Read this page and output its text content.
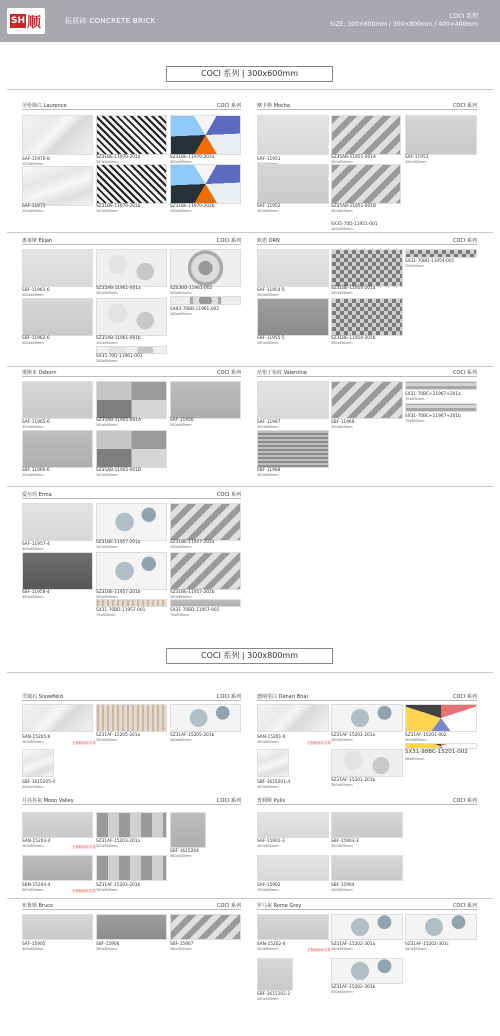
SH 顺	拓质砖 CONCRETE BRICK
COCI 系列
SIZE: 300×600mm / 300×800mm / 400×400mm
COCI 系列 | 300x600mm
劳伦斯白 Laurence	COCI 系列
SAF-11970-8
300x600mm
SZ31BE-11970-201a
300x600mm
SZ31BE-11970-202a
300x600mm
SAF-11971
300x600mm
SZ31BE-11970-201b
300x600mm
SZ31BE-11970-202b
300x600mm
摩卡斯 Mocha	COCI 系列
SAF-11951	SZ35AB-11951-001A
300x600mm
SAF-11953
300x600mm
SAF-11952
300x600mm
SZ35AB-11951-001B
300x600mm
SX35-70D-11951-001
300x600mm
惠莱斯 Elijah	COCI 系列
SBF-11961-6
300x600mm
SZ35AB-11961-001a
300x600mm
SZ03BD-11961-002
300x600mm
SX03-70BB-11961-002
300x600mm
SBF-11962-6
300x600mm
SZ35AB-11961-001b
300x600mm
SX35-70D-11961-001
300x600mm
欧恩 ORN	COCI 系列
SAF-11954-5
300x600mm
SZ31BE-11954-201a
300x600mm
SX31-70BD-11954-001
70x600mm
SBF-11955-5
300x600mm
SZ31BE-11954-201b
300x600mm
奥斯本 Osborn	COCI 系列
SAF-11965-6
300x600mm
SZ35AB-11965-001A
300x600mm
SAF-11956
300x600mm
SBF-11966-6
300x600mm
SZ35AB-11965-001B
300x600mm
范伦丁布纹 Valentine	COCI 系列
SAF-11967
300x600mm
SBF-11969
300x600mm
SX31-70BC+11967+201a
70x600mm
SX31-70BC+11967+201b
70x600mm
SBF-11968
300x600mm
爱尔玛 Erma	COCI 系列
SAF-11957-4
300x600mm
SZ31BE-11957-201a
300x600mm
SZ31BE-11957-202a
300x600mm
SBF-11958-4
300x600mm
SZ31BE-11957-201b
300x600mm
SZ31BE-11957-202b
300x600mm
SX31-70BD-11957-001
70x600mm
SX31-70BD-11957-002
70x600mm
COCI 系列 | 300x800mm
雪域石 Snowfield	COCI 系列
SAN-15205-6
300x800mm	全抛釉面砖效果
SZ31AF-15205-201a
300x800mm
SZ31AF-15205-201b
300x800mm
SBF-1615205-4
400x400mm
德纳里白 Denari Bhai	COCI 系列
SAN-15201-6
300x800mm	全抛釉面砖效果
SZ31AF-15201-201a
300x800mm
SZ31AF-15201-002
300x800mm
SX31-98BC-15201-002
98x800mm
SBF-1615201-4
400x400mm
SZ31AF-15201-201b
300x800mm
月亮谷灰 Moon Valley	COCI 系列
SAN-15203-4
300x800mm	全抛釉面砖效果
SZ31AF-15203-201a
300x800mm
SBF-1615204
400x400mm
SBN-15204-4
300x800mm	全抛釉面砖效果
SZ31AF-15203-201b
300x800mm
普利斯 Pulis	COCI 系列
SAF-15901-3
300x800mm
SBF-15903-3
300x800mm
SAF-15902
300x800mm
SBF-15904
300x800mm
布鲁斯 Bruce	COCI 系列
SAF-15905
300x800mm
SBF-15906
300x800mm
SBF-15907
300x800mm
罗马灰 Rome Grey	COCI 系列
SAN-15202-6
300x800mm	全抛釉面砖效果
SZ31AF-15202-301a
300x800mm
SZ31AF-15202-301c
300x800mm
SBF-1615202-2
400x400mm
SZ31AF-15202-301b
300x800mm
